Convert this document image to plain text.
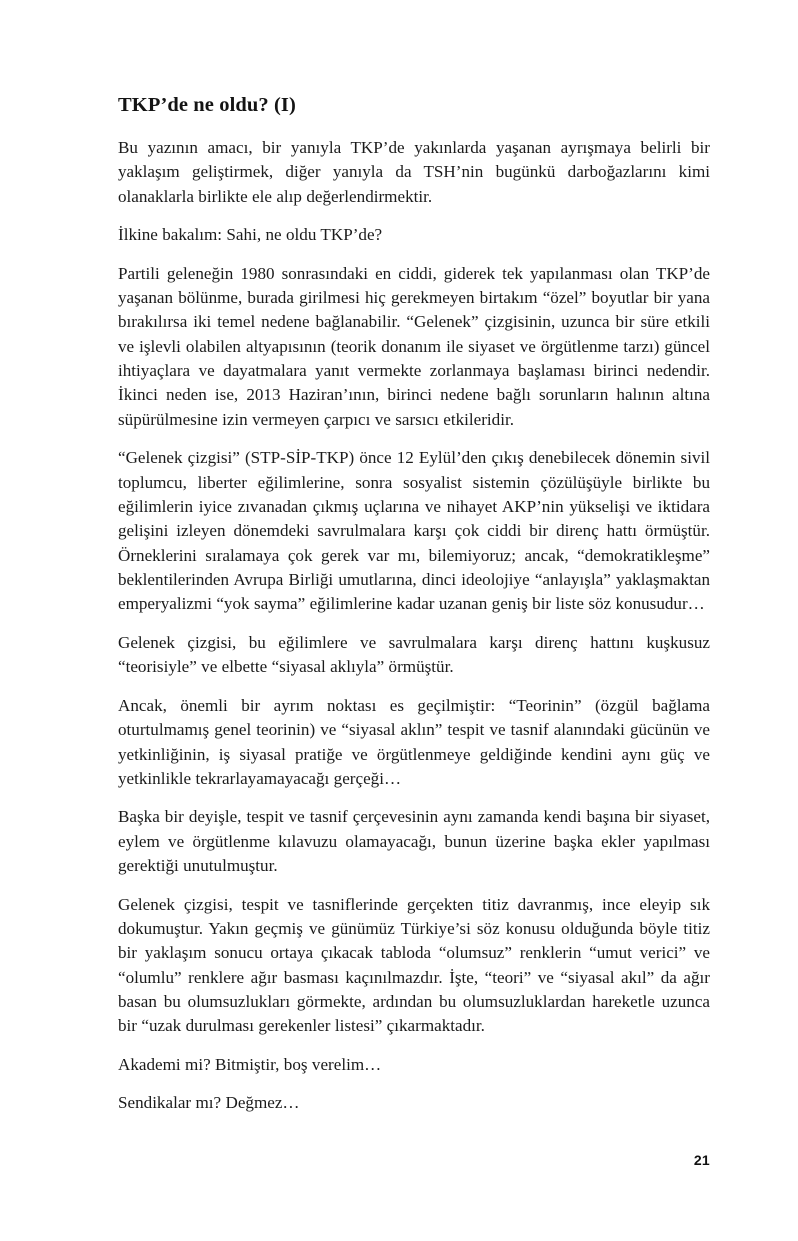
TKP’de ne oldu? (I)

Bu yazının amacı, bir yanıyla TKP’de yakınlarda yaşanan ayrışmaya belirli bir yaklaşım geliştirmek, diğer yanıyla da TSH’nin bugünkü darboğazlarını kimi olanaklarla birlikte ele alıp değerlendirmektir.

İlkine bakalım: Sahi, ne oldu TKP’de?

Partili geleneğin 1980 sonrasındaki en ciddi, giderek tek yapılanması olan TKP’de yaşanan bölünme, burada girilmesi hiç gerekmeyen birtakım “özel” boyutlar bir yana bırakılırsa iki temel nedene bağlanabilir. “Gelenek” çizgisinin, uzunca bir süre etkili ve işlevli olabilen altyapısının (teorik donanım ile siyaset ve örgütlenme tarzı) güncel ihtiyaçlara ve dayatmalara yanıt vermekte zorlanmaya başlaması birinci nedendir. İkinci neden ise, 2013 Haziran’ının, birinci nedene bağlı sorunların halının altına süpürülmesine izin vermeyen çarpıcı ve sarsıcı etkileridir.

“Gelenek çizgisi” (STP-SİP-TKP) önce 12 Eylül’den çıkış denebilecek dönemin sivil toplumcu, liberter eğilimlerine, sonra sosyalist sistemin çözülüşüyle birlikte bu eğilimlerin iyice zıvanadan çıkmış uçlarına ve nihayet AKP’nin yükselişi ve iktidara gelişini izleyen dönemdeki savrulmalara karşı çok ciddi bir direnç hattı örmüştür. Örneklerini sıralamaya çok gerek var mı, bilemiyoruz; ancak, “demokratikleşme” beklentilerinden Avrupa Birliği umutlarına, dinci ideolojiye “anlayışla” yaklaşmaktan emperyalizmi “yok sayma” eğilimlerine kadar uzanan geniş bir liste söz konusudur…

Gelenek çizgisi, bu eğilimlere ve savrulmalara karşı direnç hattını kuşkusuz “teorisiyle” ve elbette “siyasal aklıyla” örmüştür.

Ancak, önemli bir ayrım noktası es geçilmiştir: “Teorinin” (özgül bağlama oturtulmamış genel teorinin) ve “siyasal aklın” tespit ve tasnif alanındaki gücünün ve yetkinliğinin, iş siyasal pratiğe ve örgütlenmeye geldiğinde kendini aynı güç ve yetkinlikle tekrarlayamayacağı gerçeği…

Başka bir deyişle, tespit ve tasnif çerçevesinin aynı zamanda kendi başına bir siyaset, eylem ve örgütlenme kılavuzu olamayacağı, bunun üzerine başka ekler yapılması gerektiği unutulmuştur.

Gelenek çizgisi, tespit ve tasniflerinde gerçekten titiz davranmış, ince eleyip sık dokumuştur. Yakın geçmiş ve günümüz Türkiye’si söz konusu olduğunda böyle titiz bir yaklaşım sonucu ortaya çıkacak tabloda “olumsuz” renklerin “umut verici” ve “olumlu” renklere ağır basması kaçınılmazdır. İşte, “teori” ve “siyasal akıl” da ağır basan bu olumsuzlukları görmekte, ardından bu olumsuzluklardan hareketle uzunca bir “uzak durulması gerekenler listesi” çıkarmaktadır.

Akademi mi? Bitmiştir, boş verelim…

Sendikalar mı? Değmez…

21
